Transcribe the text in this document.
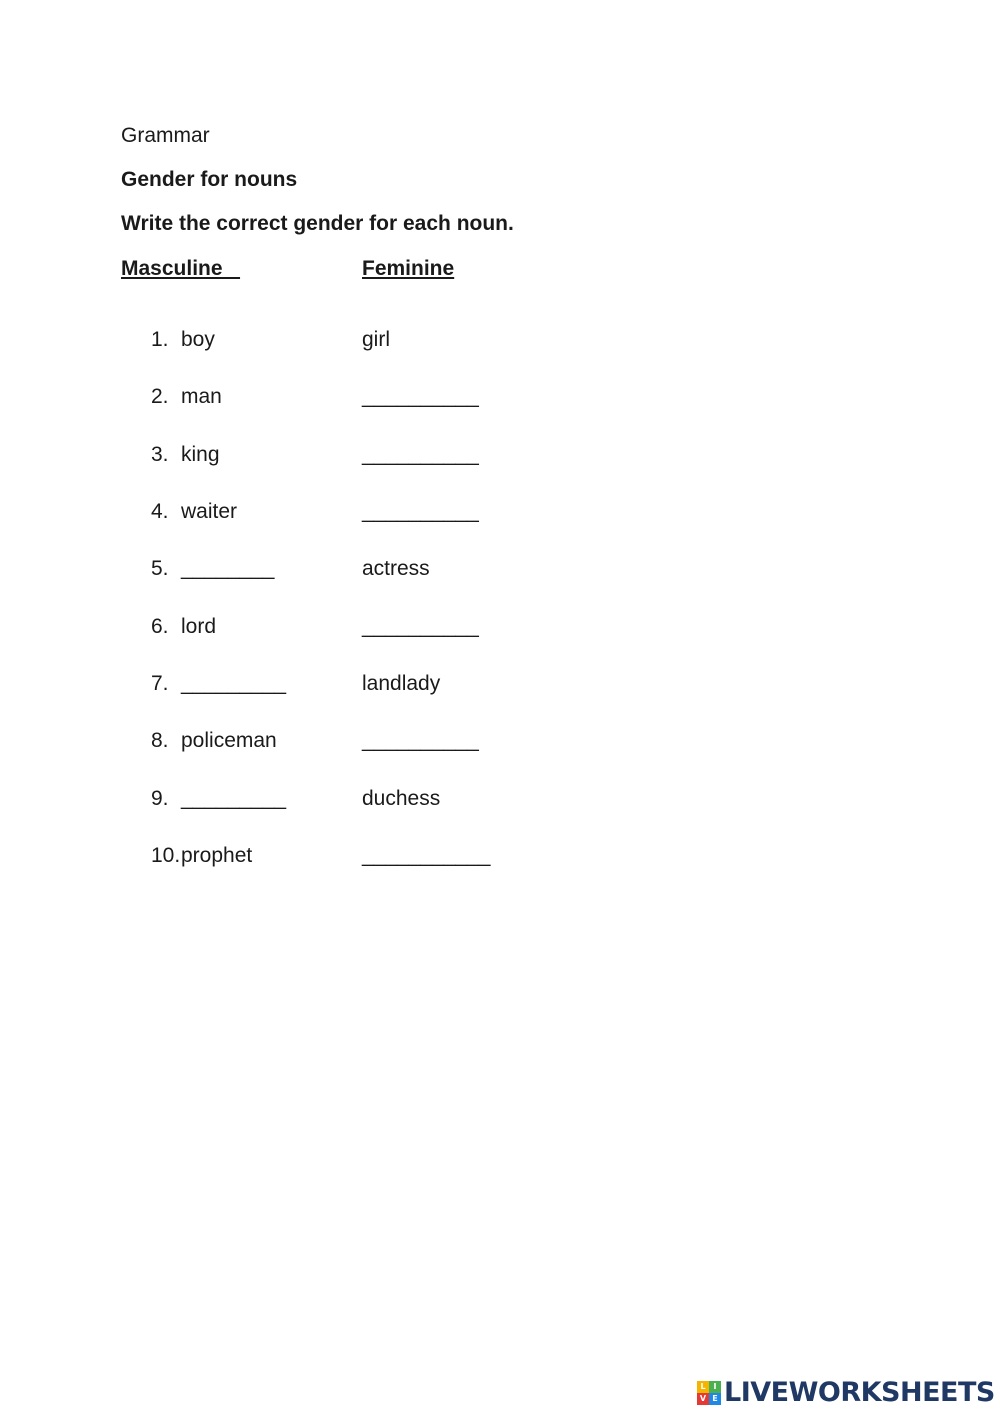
Grammar
Gender for nouns
Write the correct gender for each noun.
Masculine	Feminine
1. boy	girl
2. man	__________
3. king	__________
4. waiter	__________
5. ________	actress
6. lord	__________
7. _________	landlady
8. policeman	__________
9. _________	duchess
10. prophet	___________
L I
V E LIVEWORKSHEETS
